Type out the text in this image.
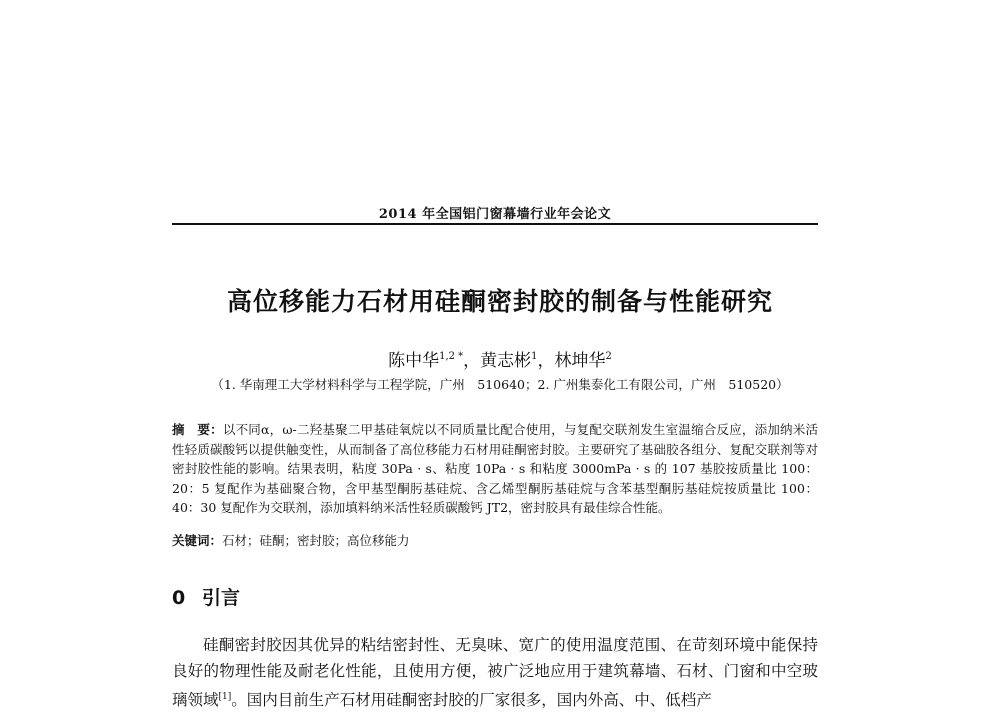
2014 年全国铝门窗幕墙行业年会论文
高位移能力石材用硅酮密封胶的制备与性能研究
陈中华$^{1,2 *}$，黄志彬$^1$，林坤华$^2$
（1. 华南理工大学材料科学与工程学院，广州　510640；2. 广州集泰化工有限公司，广州　510520）
摘　要：以不同α，ω-二羟基聚二甲基硅氧烷以不同质量比配合使用，与复配交联剂发生室温缩合反应，添加纳米活性轻质碳酸钙以提供触变性，从而制备了高位移能力石材用硅酮密封胶。主要研究了基础胶各组分、复配交联剂等对密封胶性能的影响。结果表明，粘度 30Pa · s、粘度 10Pa · s 和粘度 3000mPa · s 的 107 基胶按质量比 100：20：5 复配作为基础聚合物，含甲基型酮肟基硅烷、含乙烯型酮肟基硅烷与含苯基型酮肟基硅烷按质量比 100：40：30 复配作为交联剂，添加填料纳米活性轻质碳酸钙 JT2，密封胶具有最佳综合性能。
关键词：石材；硅酮；密封胶；高位移能力
0 引言
硅酮密封胶因其优异的粘结密封性、无臭味、宽广的使用温度范围、在苛刻环境中能保持良好的物理性能及耐老化性能，且使用方便，被广泛地应用于建筑幕墙、石材、门窗和中空玻璃领域[1]。国内目前生产石材用硅酮密封胶的厂家很多，国内外高、中、低档产
